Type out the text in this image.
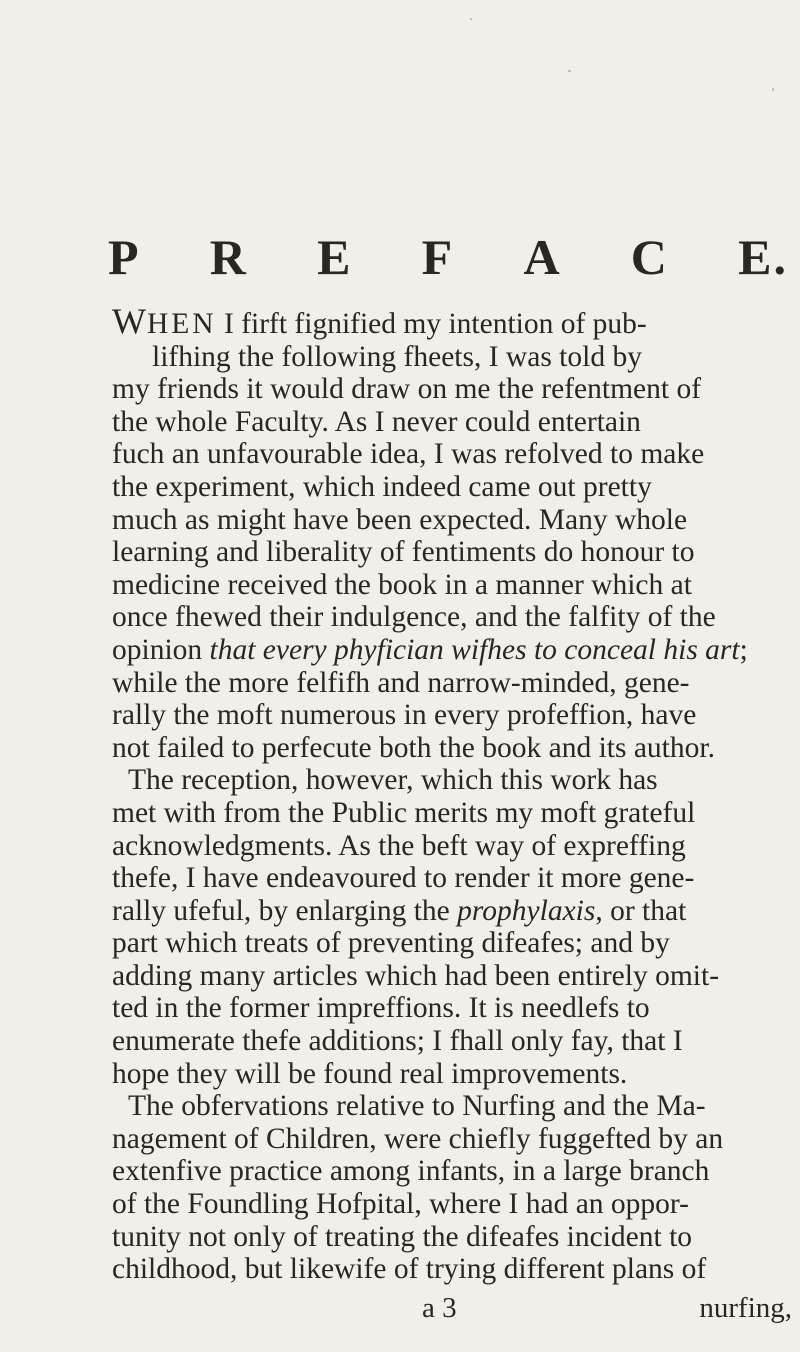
P R E F A C E.
WHEN I firft fignified my intention of pub-
lifhing the following fheets, I was told by
my friends it would draw on me the refentment of
the whole Faculty. As I never could entertain
fuch an unfavourable idea, I was refolved to make
the experiment, which indeed came out pretty
much as might have been expected. Many whole
learning and liberality of fentiments do honour to
medicine received the book in a manner which at
once fhewed their indulgence, and the falfity of the
opinion that every phyfician wifhes to conceal his art;
while the more felfifh and narrow-minded, gene-
rally the moft numerous in every profeffion, have
not failed to perfecute both the book and its author.
The reception, however, which this work has
met with from the Public merits my moft grateful
acknowledgments. As the beft way of expreffing
thefe, I have endeavoured to render it more gene-
rally ufeful, by enlarging the prophylaxis, or that
part which treats of preventing difeafes; and by
adding many articles which had been entirely omit-
ted in the former impreffions. It is needlefs to
enumerate thefe additions; I fhall only fay, that I
hope they will be found real improvements.
The obfervations relative to Nurfing and the Ma-
nagement of Children, were chiefly fuggefted by an
extenfive practice among infants, in a large branch
of the Foundling Hofpital, where I had an oppor-
tunity not only of treating the difeafes incident to
childhood, but likewife of trying different plans of
a 3	nurfing,
